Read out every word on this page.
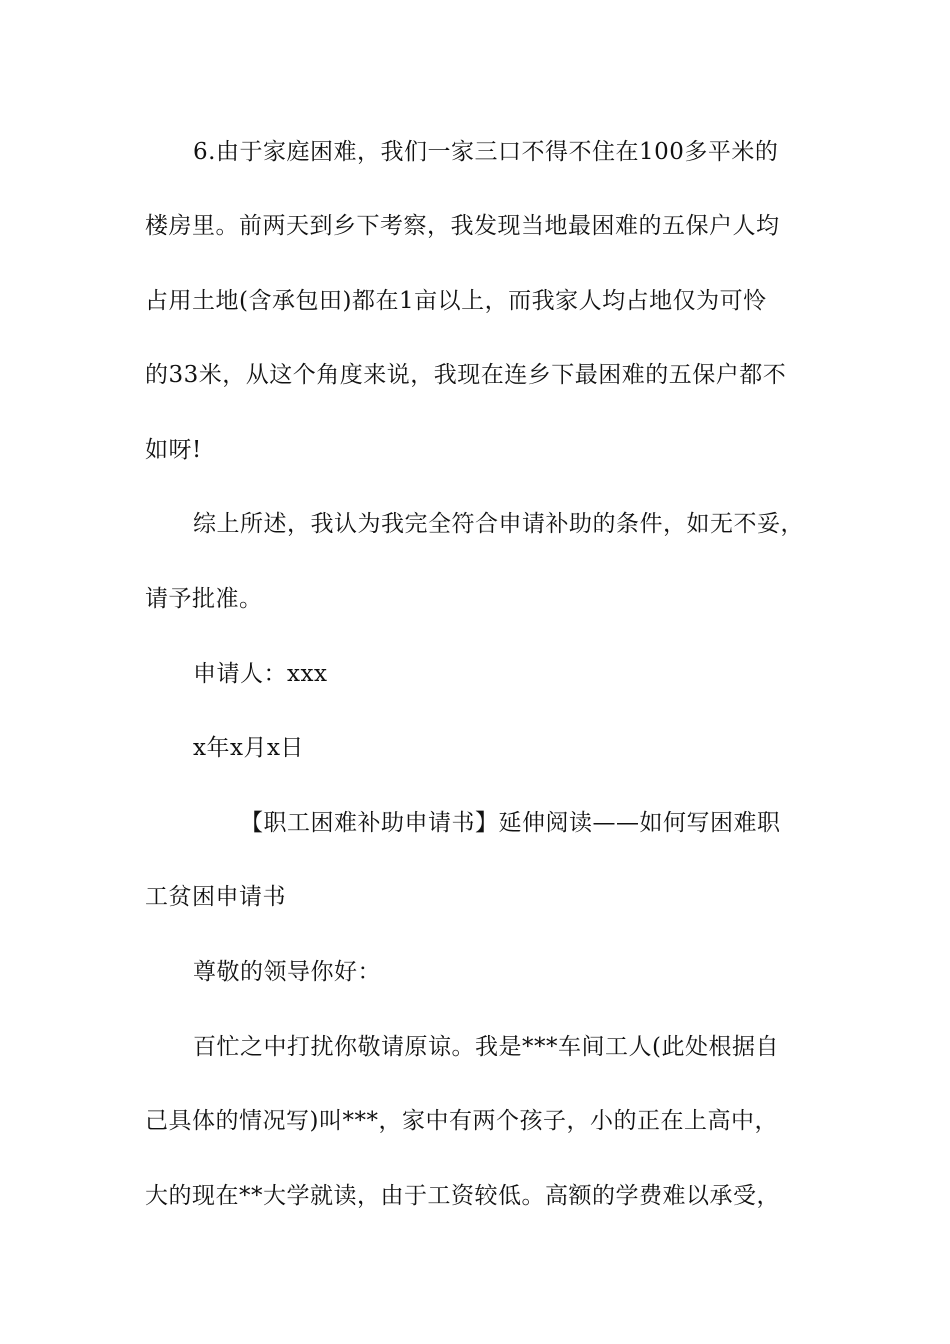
6.由于家庭困难，我们一家三口不得不住在100多平米的
楼房里。前两天到乡下考察，我发现当地最困难的五保户人均
占用土地(含承包田)都在1亩以上，而我家人均占地仅为可怜
的33米，从这个角度来说，我现在连乡下最困难的五保户都不
如呀!
综上所述，我认为我完全符合申请补助的条件，如无不妥，
请予批准。
申请人：xxx
x年x月x日
【职工困难补助申请书】延伸阅读——如何写困难职
工贫困申请书
尊敬的领导你好：
百忙之中打扰你敬请原谅。我是***车间工人(此处根据自
己具体的情况写)叫***，家中有两个孩子，小的正在上高中，
大的现在**大学就读，由于工资较低。高额的学费难以承受，
